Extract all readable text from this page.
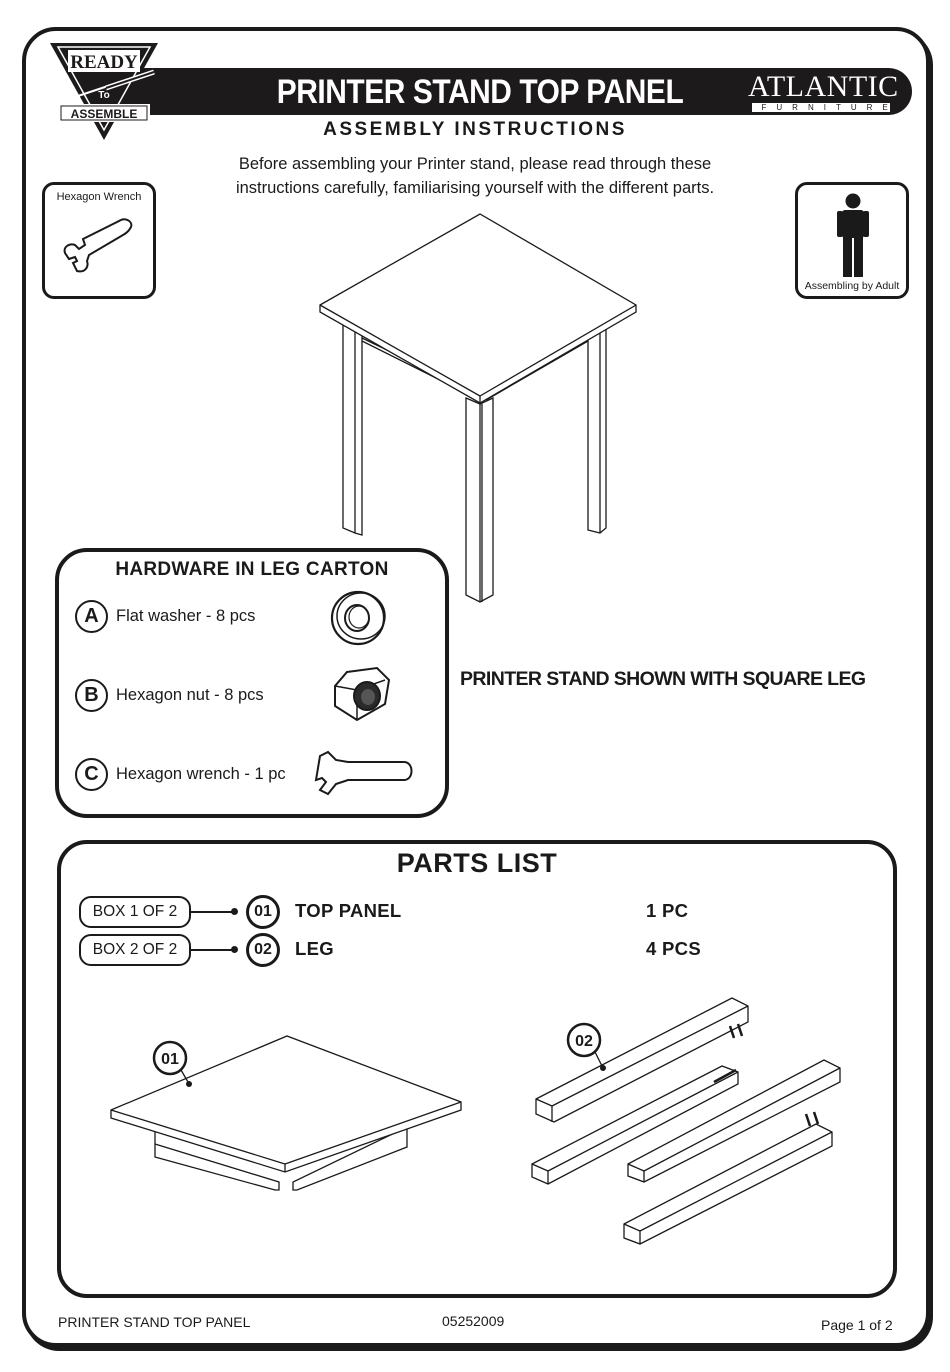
PRINTER STAND TOP PANEL	ATLANTIC
FURNITURE
READY
To
ASSEMBLE
ASSEMBLY INSTRUCTIONS
Before assembling your Printer stand, please read through these
instructions carefully, familiarising yourself with the different parts.
Hexagon Wrench
Assembling by Adult
HARDWARE IN LEG CARTON
A	Flat washer - 8 pcs
B	Hexagon nut - 8 pcs
C	Hexagon wrench - 1 pc
PRINTER STAND SHOWN WITH SQUARE LEG
PARTS LIST
BOX 1 OF 2	01	TOP PANEL	1 PC
BOX 2 OF 2	02	LEG	4 PCS
01
02
PRINTER STAND TOP PANEL	05252009	Page 1 of 2
